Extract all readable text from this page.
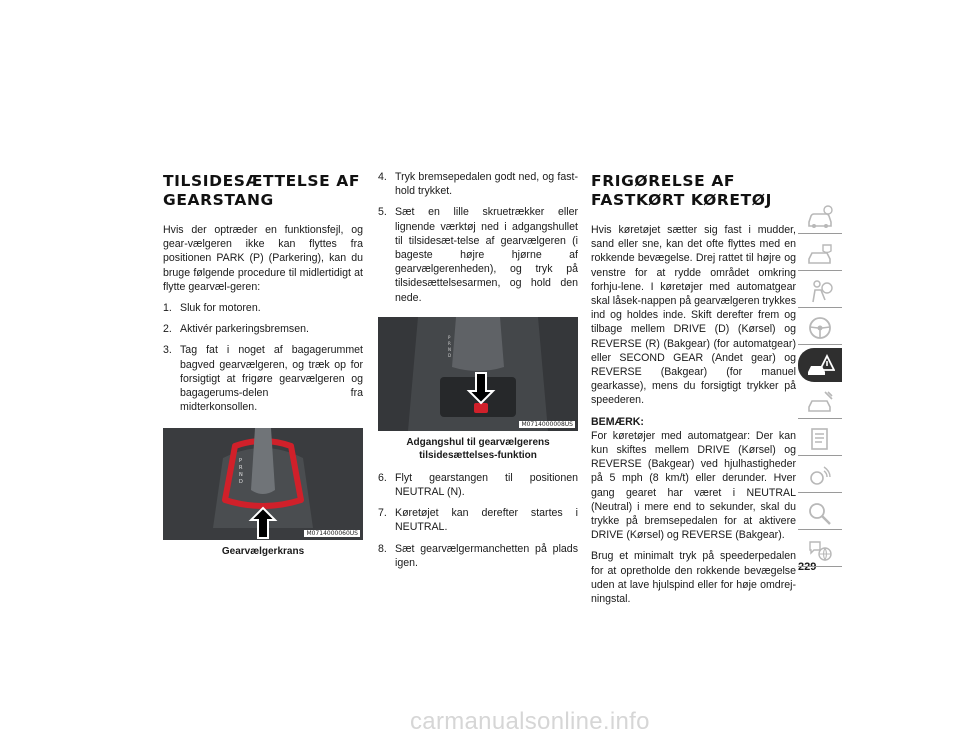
TILSIDESÆTTELSE AF GEARSTANG

Hvis der optræder en funktionsfejl, og gear-vælgeren ikke kan flyttes fra positionen PARK (P) (Parkering), kan du bruge følgende procedure til midlertidigt at flytte gearvæl-geren:

1. Sluk for motoren.
2. Aktivér parkeringsbremsen.
3. Tag fat i noget af bagagerummet bagved gearvælgeren, og træk op for forsigtigt at frigøre gearvælgeren og bagagerums-delen fra midterkonsollen.
P
R
N
D
M0714000060US
Gearvælgerkrans
4. Tryk bremsepedalen godt ned, og fast-hold trykket.
5. Sæt en lille skruetrækker eller lignende værktøj ned i adgangshullet til tilsidesæt-telse af gearvælgeren (i bageste højre hjørne af gearvælgerenheden), og tryk på tilsidesættelsesarmen, og hold den nede.
P
R
N
D
M0714000008US
Adgangshul til gearvælgerens tilsidesættelses-funktion
6. Flyt gearstangen til positionen NEUTRAL (N).
7. Køretøjet kan derefter startes i NEUTRAL.
8. Sæt gearvælgermanchetten på plads igen.
FRIGØRELSE AF FASTKØRT KØRETØJ

Hvis køretøjet sætter sig fast i mudder, sand eller sne, kan det ofte flyttes med en rokkende bevægelse. Drej rattet til højre og venstre for at rydde området omkring forhju-lene. I køretøjer med automatgear skal låsek-nappen på gearvælgeren trykkes ind og holdes inde. Skift derefter frem og tilbage mellem DRIVE (D) (Kørsel) og REVERSE (R) (Bakgear) (for automatgear) eller SECOND GEAR (Andet gear) og REVERSE (Bakgear) (for manuel gearkasse), mens du forsigtigt trykker på speederen.

BEMÆRK:

For køretøjer med automatgear: Der kan kun skiftes mellem DRIVE (Kørsel) og REVERSE (Bakgear) ved hjulhastigheder på 5 mph (8 km/t) eller derunder. Hver gang gearet har været i NEUTRAL (Neutral) i mere end to sekunder, skal du trykke på bremsepedalen for at aktivere DRIVE (Kørsel) og REVERSE (Bakgear).

Brug et minimalt tryk på speederpedalen for at opretholde den rokkende bevægelse uden at lave hjulspind eller for høje omdrej-ningstal.

229
carmanualsonline.info
